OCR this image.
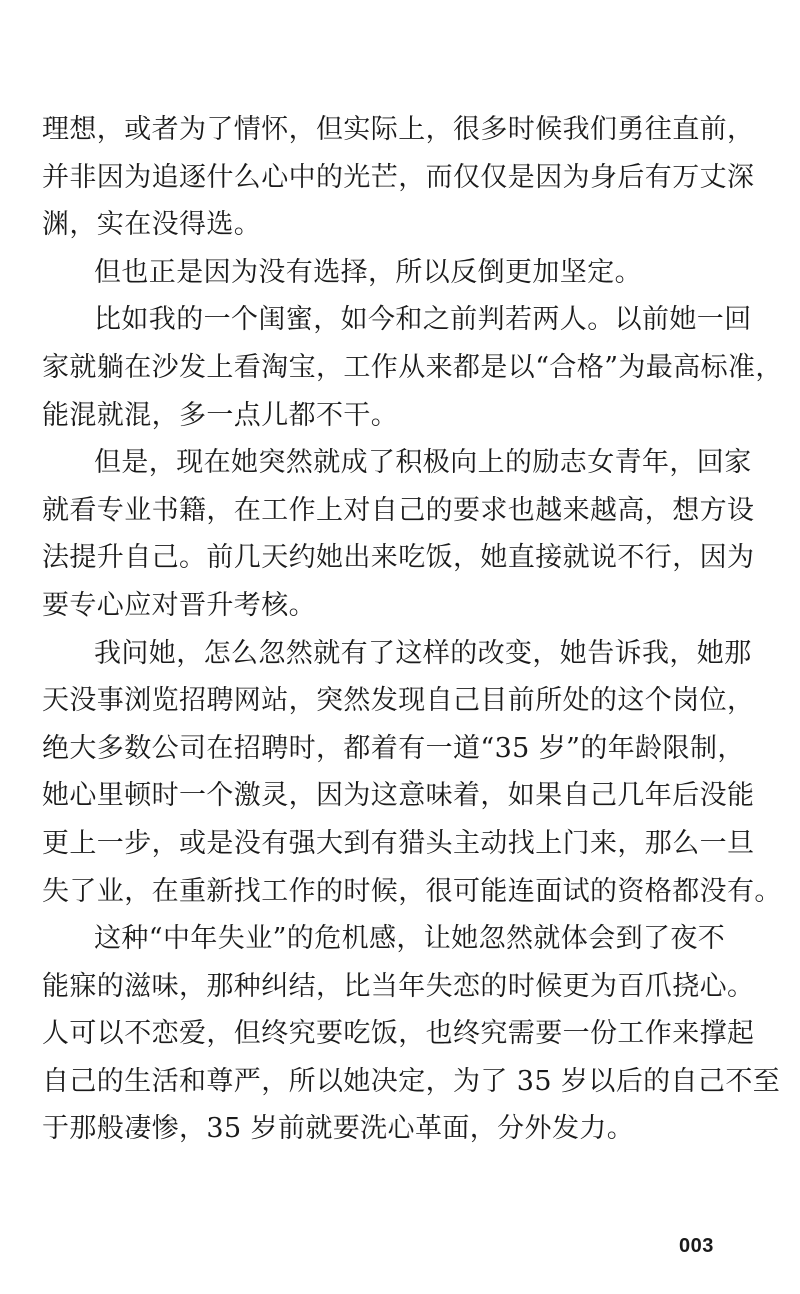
理想，或者为了情怀，但实际上，很多时候我们勇往直前，
并非因为追逐什么心中的光芒，而仅仅是因为身后有万丈深
渊，实在没得选。
但也正是因为没有选择，所以反倒更加坚定。
比如我的一个闺蜜，如今和之前判若两人。以前她一回
家就躺在沙发上看淘宝，工作从来都是以“合格”为最高标准，
能混就混，多一点儿都不干。
但是，现在她突然就成了积极向上的励志女青年，回家
就看专业书籍，在工作上对自己的要求也越来越高，想方设
法提升自己。前几天约她出来吃饭，她直接就说不行，因为
要专心应对晋升考核。
我问她，怎么忽然就有了这样的改变，她告诉我，她那
天没事浏览招聘网站，突然发现自己目前所处的这个岗位，
绝大多数公司在招聘时，都着有一道“35 岁”的年龄限制，
她心里顿时一个激灵，因为这意味着，如果自己几年后没能
更上一步，或是没有强大到有猎头主动找上门来，那么一旦
失了业，在重新找工作的时候，很可能连面试的资格都没有。
这种“中年失业”的危机感，让她忽然就体会到了夜不
能寐的滋味，那种纠结，比当年失恋的时候更为百爪挠心。
人可以不恋爱，但终究要吃饭，也终究需要一份工作来撑起
自己的生活和尊严，所以她决定，为了 35 岁以后的自己不至
于那般凄惨，35 岁前就要洗心革面，分外发力。
003
